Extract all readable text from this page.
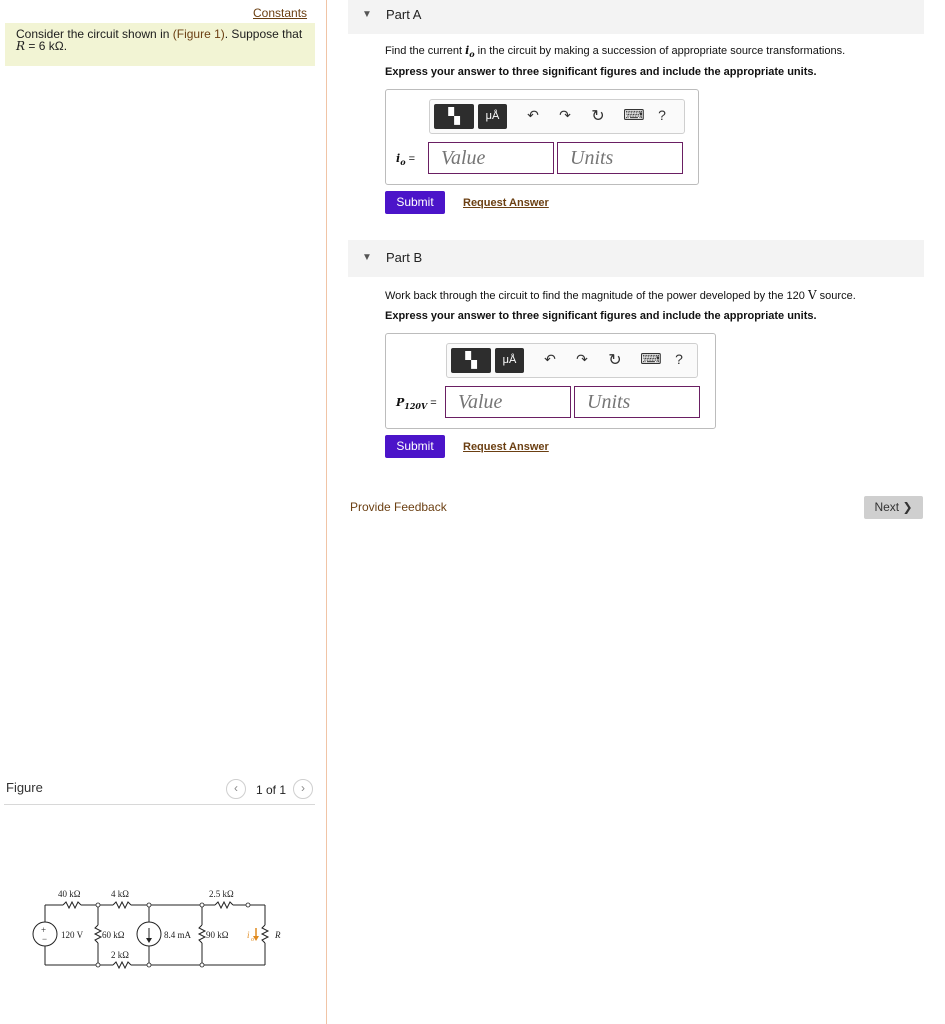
Constants
Consider the circuit shown in (Figure 1). Suppose that
R = 6 kΩ.
Figure	‹	1 of 1	›
40 kΩ	4 kΩ	2.5 kΩ
120 V 60 kΩ	8.4 mA 90 kΩ
2 kΩ
+
−	i o R
▼ Part A
Find the current $i_o$ in the circuit by making a succession of appropriate source transformations.
Express your answer to three significant figures and include the appropriate units.
▚	μÅ	↶ ↷ ↻ ⌨ ?
$i_o$ =
Value
Units
Submit	Request Answer
▼ Part B
Work back through the circuit to find the magnitude of the power developed by the 120 V source.
Express your answer to three significant figures and include the appropriate units.
▚	μÅ	↶ ↷ ↻ ⌨ ?
$P_{120V}$ =
Value
Units
Submit	Request Answer
Provide Feedback	Next ❯
